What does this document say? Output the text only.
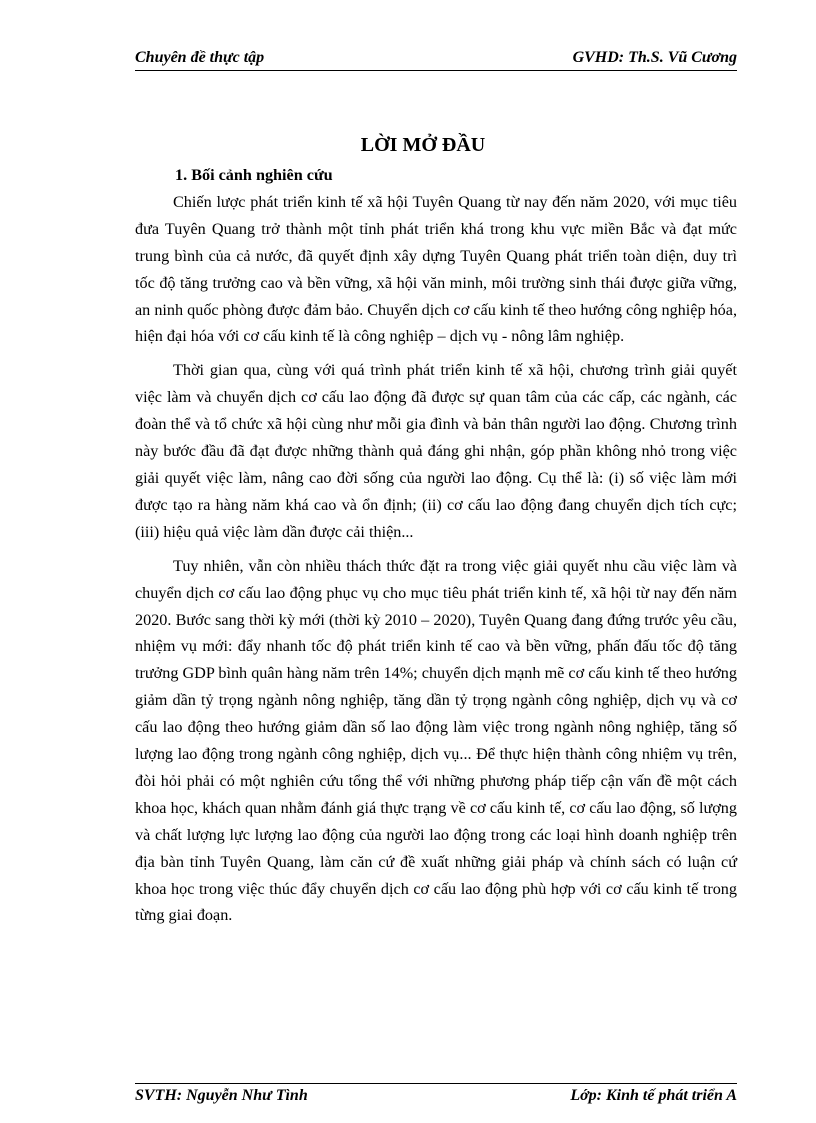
Chuyên đề thực tập	GVHD: Th.S. Vũ Cương
LỜI MỞ ĐẦU
1. Bối cảnh nghiên cứu

Chiến lược phát triển kinh tế xã hội Tuyên Quang từ nay đến năm 2020, với mục tiêu đưa Tuyên Quang trở thành một tỉnh phát triển khá trong khu vực miền Bắc và đạt mức trung bình của cả nước, đã quyết định xây dựng Tuyên Quang phát triển toàn diện, duy trì tốc độ tăng trưởng cao và bền vững, xã hội văn minh, môi trường sinh thái được giữa vững, an ninh quốc phòng được đảm bảo. Chuyển dịch cơ cấu kinh tế theo hướng công nghiệp hóa, hiện đại hóa với cơ cấu kinh tế là công nghiệp – dịch vụ - nông lâm nghiệp.

Thời gian qua, cùng với quá trình phát triển kinh tế xã hội, chương trình giải quyết việc làm và chuyển dịch cơ cấu lao động đã được sự quan tâm của các cấp, các ngành, các đoàn thể và tổ chức xã hội cùng như mỗi gia đình và bản thân người lao động. Chương trình này bước đầu đã đạt được những thành quả đáng ghi nhận, góp phần không nhỏ trong việc giải quyết việc làm, nâng cao đời sống của người lao động. Cụ thể là: (i) số việc làm mới được tạo ra hàng năm khá cao và ổn định; (ii) cơ cấu lao động đang chuyển dịch tích cực; (iii) hiệu quả việc làm dần được cải thiện...

Tuy nhiên, vẫn còn nhiều thách thức đặt ra trong việc giải quyết nhu cầu việc làm và chuyển dịch cơ cấu lao động phục vụ cho mục tiêu phát triển kinh tế, xã hội từ nay đến năm 2020. Bước sang thời kỳ mới (thời kỳ 2010 – 2020), Tuyên Quang đang đứng trước yêu cầu, nhiệm vụ mới: đẩy nhanh tốc độ phát triển kinh tế cao và bền vững, phấn đấu tốc độ tăng trưởng GDP bình quân hàng năm trên 14%; chuyển dịch mạnh mẽ cơ cấu kinh tế theo hướng giảm dần tỷ trọng ngành nông nghiệp, tăng dần tỷ trọng ngành công nghiệp, dịch vụ và cơ cấu lao động theo hướng giảm dần số lao động làm việc trong ngành nông nghiệp, tăng số lượng lao động trong ngành công nghiệp, dịch vụ... Để thực hiện thành công nhiệm vụ trên, đòi hỏi phải có một nghiên cứu tổng thể với những phương pháp tiếp cận vấn đề một cách khoa học, khách quan nhằm đánh giá thực trạng về cơ cấu kinh tế, cơ cấu lao động, số lượng và chất lượng lực lượng lao động của người lao động trong các loại hình doanh nghiệp trên địa bàn tỉnh Tuyên Quang, làm căn cứ đề xuất những giải pháp và chính sách có luận cứ khoa học trong việc thúc đẩy chuyển dịch cơ cấu lao động phù hợp với cơ cấu kinh tế trong từng giai đoạn.

SVTH: Nguyễn Như Tình	Lớp: Kinh tế phát triển A
